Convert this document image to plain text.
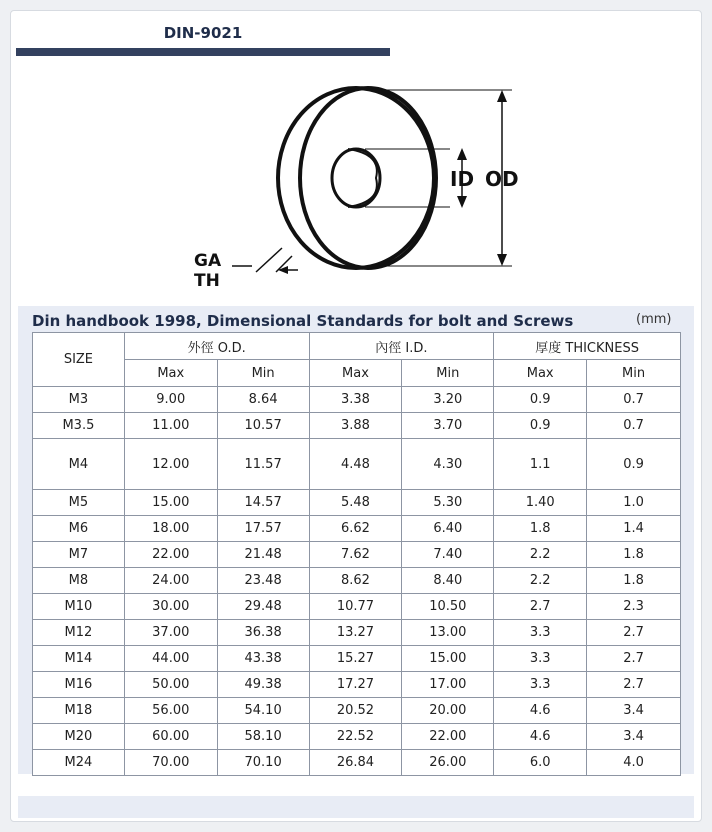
DIN-9021
ID OD
GA
TH
Din handbook 1998, Dimensional Standards for bolt and Screws	(mm)
SIZE	外徑 O.D.		內徑 I.D.		厚度 THICKNESS	
	Max	Min	Max	Min	Max	Min
M3	9.00	8.64	3.38	3.20	0.9	0.7
M3.5	11.00	10.57	3.88	3.70	0.9	0.7
M4	12.00	11.57	4.48	4.30	1.1	0.9
M5	15.00	14.57	5.48	5.30	1.40	1.0
M6	18.00	17.57	6.62	6.40	1.8	1.4
M7	22.00	21.48	7.62	7.40	2.2	1.8
M8	24.00	23.48	8.62	8.40	2.2	1.8
M10	30.00	29.48	10.77	10.50	2.7	2.3
M12	37.00	36.38	13.27	13.00	3.3	2.7
M14	44.00	43.38	15.27	15.00	3.3	2.7
M16	50.00	49.38	17.27	17.00	3.3	2.7
M18	56.00	54.10	20.52	20.00	4.6	3.4
M20	60.00	58.10	22.52	22.00	4.6	3.4
M24	70.00	70.10	26.84	26.00	6.0	4.0
